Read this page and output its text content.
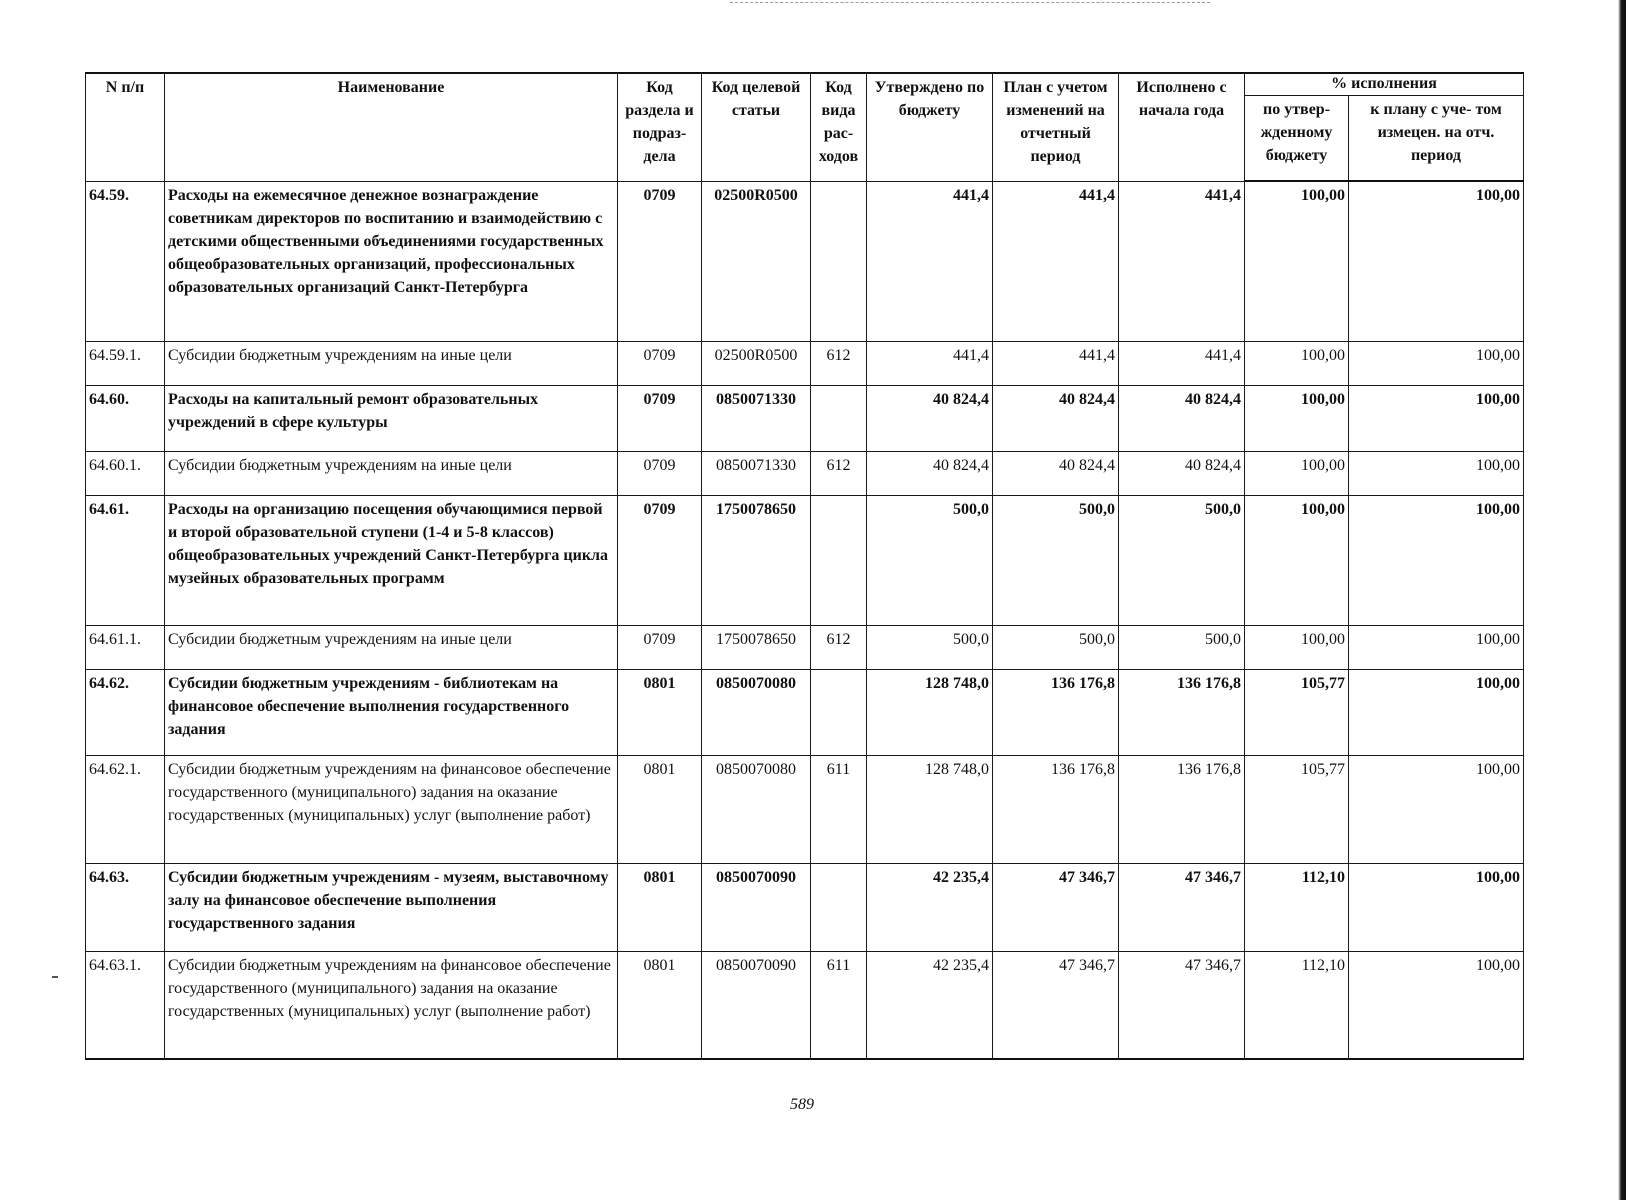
N п/п	Наименование	Код раздела и подраз- дела	Код целевой статьи	Код вида рас- ходов	Утверждено по бюджету	План с учетом изменений на отчетный период	Исполнено с начала года	% исполнения	
								по утвер- жденному бюджету	к плану с уче- том измецен. на отч. период
64.59.	Расходы на ежемесячное денежное вознаграждение советникам директоров по воспитанию и взаимодействию с детскими общественными объединениями государственных общеобразовательных организаций, профессиональных образовательных организаций Санкт-Петербурга	0709	02500R0500		441,4	441,4	441,4	100,00	100,00
64.59.1.	Субсидии бюджетным учреждениям на иные цели	0709	02500R0500	612	441,4	441,4	441,4	100,00	100,00
64.60.	Расходы на капитальный ремонт образовательных учреждений в сфере культуры	0709	0850071330		40 824,4	40 824,4	40 824,4	100,00	100,00
64.60.1.	Субсидии бюджетным учреждениям на иные цели	0709	0850071330	612	40 824,4	40 824,4	40 824,4	100,00	100,00
64.61.	Расходы на организацию посещения обучающимися первой и второй образовательной ступени (1-4 и 5-8 классов) общеобразовательных учреждений Санкт-Петербурга цикла музейных образовательных программ	0709	1750078650		500,0	500,0	500,0	100,00	100,00
64.61.1.	Субсидии бюджетным учреждениям на иные цели	0709	1750078650	612	500,0	500,0	500,0	100,00	100,00
64.62.	Субсидии бюджетным учреждениям - библиотекам на финансовое обеспечение выполнения государственного задания	0801	0850070080		128 748,0	136 176,8	136 176,8	105,77	100,00
64.62.1.	Субсидии бюджетным учреждениям на финансовое обеспечение государственного (муниципального) задания на оказание государственных (муниципальных) услуг (выполнение работ)	0801	0850070080	611	128 748,0	136 176,8	136 176,8	105,77	100,00
64.63.	Субсидии бюджетным учреждениям - музеям, выставочному залу на финансовое обеспечение выполнения государственного задания	0801	0850070090		42 235,4	47 346,7	47 346,7	112,10	100,00
64.63.1.	Субсидии бюджетным учреждениям на финансовое обеспечение государственного (муниципального) задания на оказание государственных (муниципальных) услуг (выполнение работ)	0801	0850070090	611	42 235,4	47 346,7	47 346,7	112,10	100,00
589
